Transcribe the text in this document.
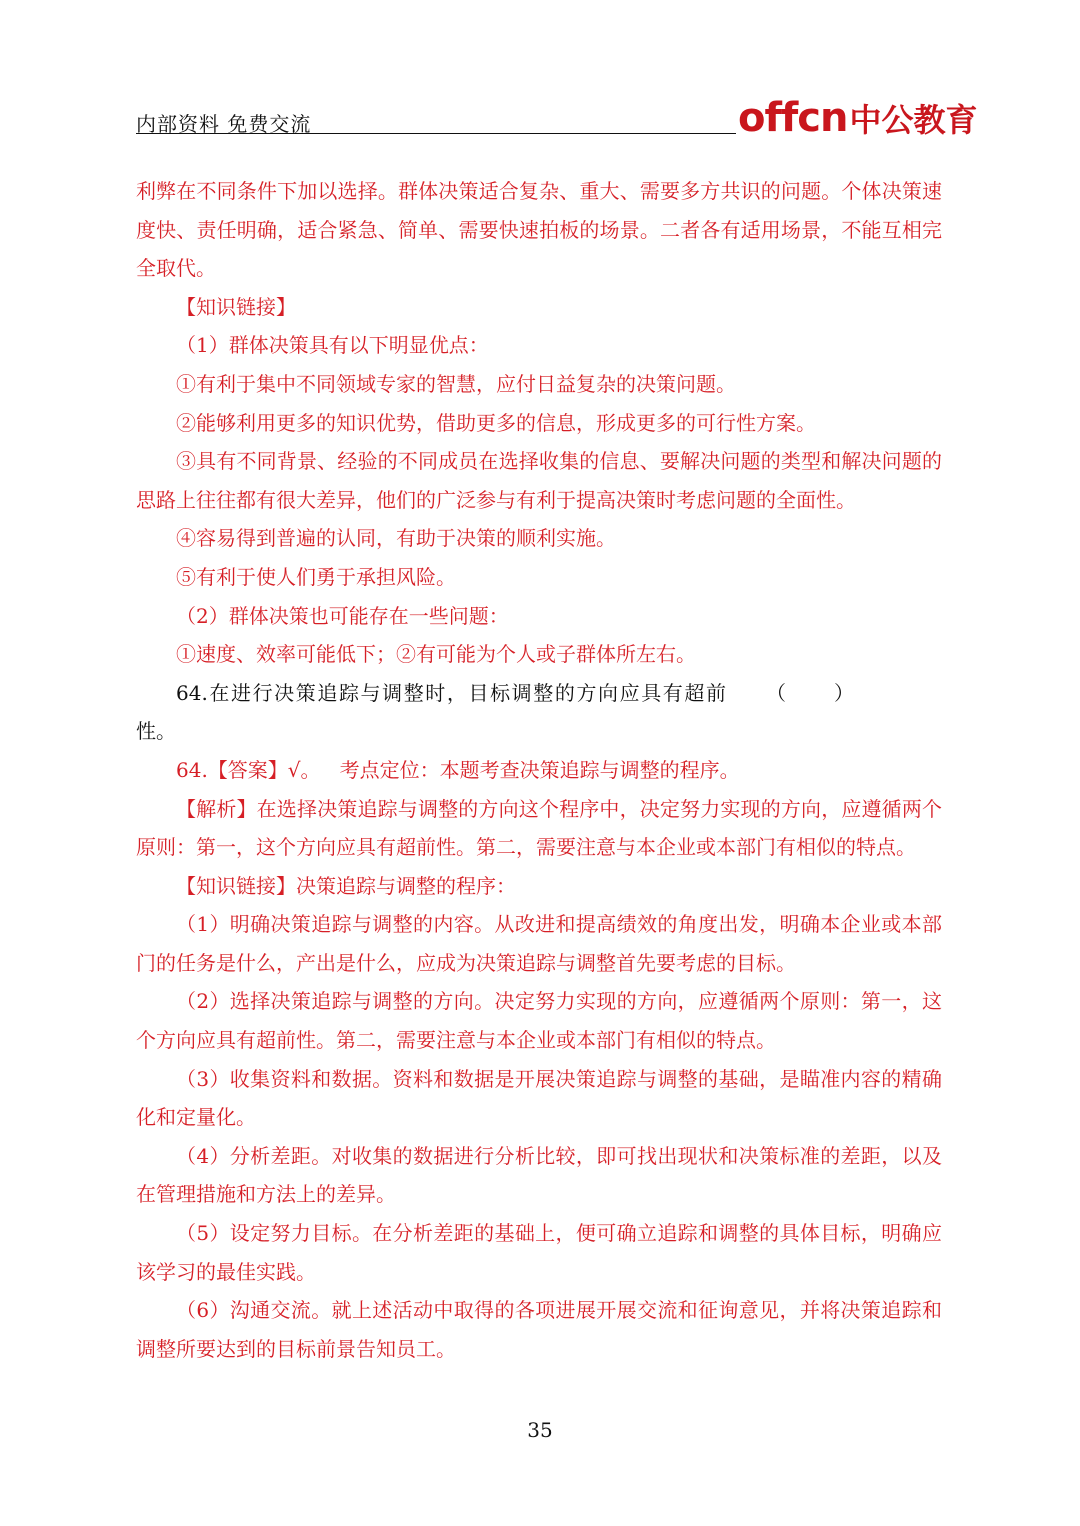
内部资料 免费交流	offcn 中公教育

利弊在不同条件下加以选择。群体决策适合复杂、重大、需要多方共识的问题。个体决策速度快、责任明确，适合紧急、简单、需要快速拍板的场景。二者各有适用场景，不能互相完全取代。

【知识链接】

（1）群体决策具有以下明显优点：

①有利于集中不同领域专家的智慧，应付日益复杂的决策问题。

②能够利用更多的知识优势，借助更多的信息，形成更多的可行性方案。

③具有不同背景、经验的不同成员在选择收集的信息、要解决问题的类型和解决问题的思路上往往都有很大差异，他们的广泛参与有利于提高决策时考虑问题的全面性。

④容易得到普遍的认同，有助于决策的顺利实施。

⑤有利于使人们勇于承担风险。

（2）群体决策也可能存在一些问题：

①速度、效率可能低下；②有可能为个人或子群体所左右。

64.在进行决策追踪与调整时，目标调整的方向应具有超前性。
（）

64.【答案】√。   考点定位：本题考查决策追踪与调整的程序。

【解析】在选择决策追踪与调整的方向这个程序中，决定努力实现的方向，应遵循两个原则：第一，这个方向应具有超前性。第二，需要注意与本企业或本部门有相似的特点。

【知识链接】决策追踪与调整的程序：

（1）明确决策追踪与调整的内容。从改进和提高绩效的角度出发，明确本企业或本部门的任务是什么，产出是什么，应成为决策追踪与调整首先要考虑的目标。

（2）选择决策追踪与调整的方向。决定努力实现的方向，应遵循两个原则：第一，这个方向应具有超前性。第二，需要注意与本企业或本部门有相似的特点。

（3）收集资料和数据。资料和数据是开展决策追踪与调整的基础，是瞄准内容的精确化和定量化。

（4）分析差距。对收集的数据进行分析比较，即可找出现状和决策标准的差距，以及在管理措施和方法上的差异。

（5）设定努力目标。在分析差距的基础上，便可确立追踪和调整的具体目标，明确应该学习的最佳实践。

（6）沟通交流。就上述活动中取得的各项进展开展交流和征询意见，并将决策追踪和调整所要达到的目标前景告知员工。

35
